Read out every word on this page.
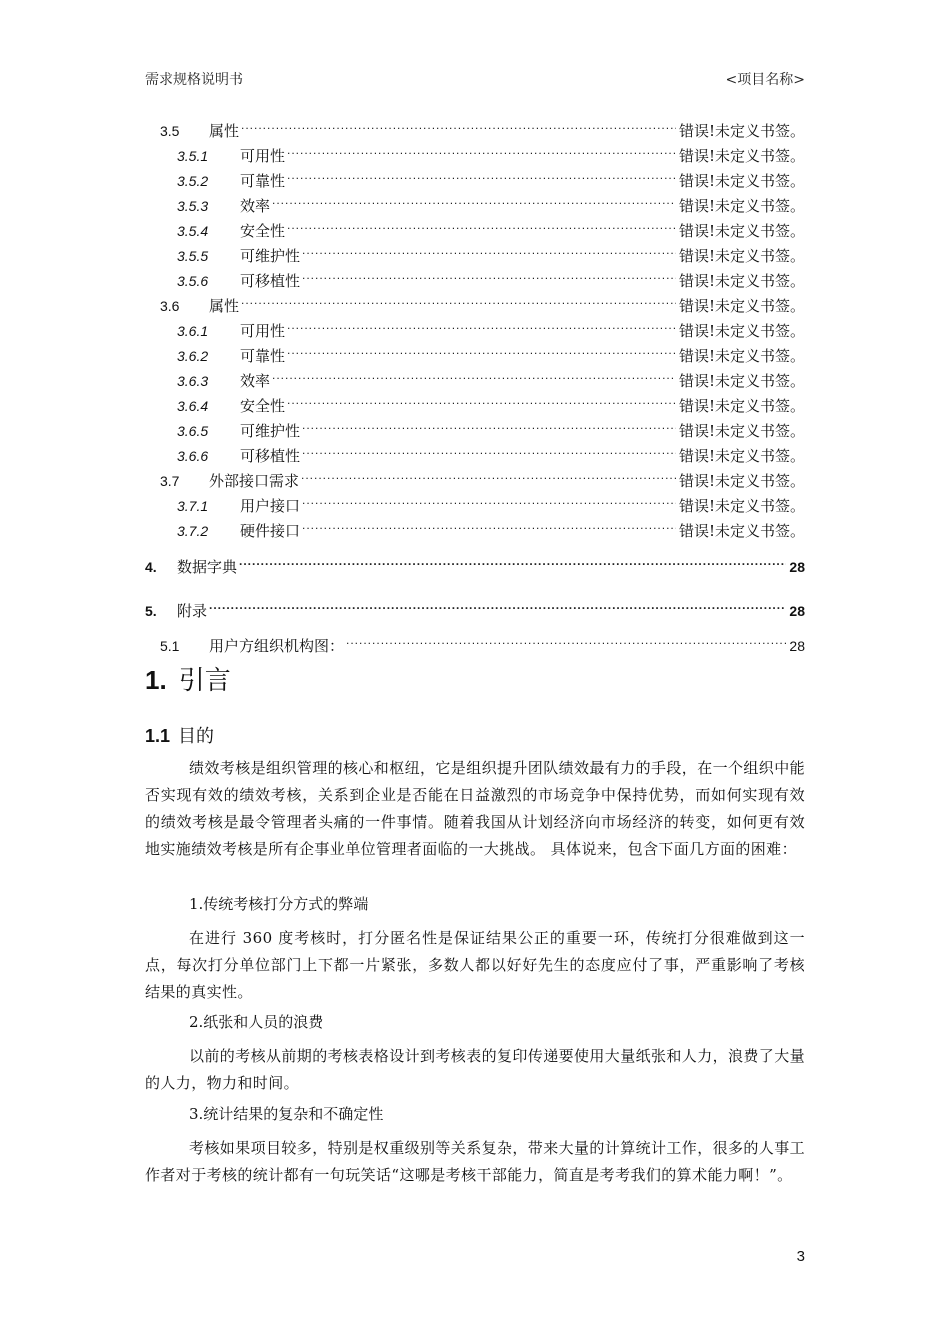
需求规格说明书	<项目名称>
3.5	属性 .....	错误!未定义书签。
3.5.1	可用性 .....	错误!未定义书签。
3.5.2	可靠性 .....	错误!未定义书签。
3.5.3	效率 .....	错误!未定义书签。
3.5.4	安全性 .....	错误!未定义书签。
3.5.5	可维护性 .....	错误!未定义书签。
3.5.6	可移植性 .....	错误!未定义书签。
3.6	属性 .....	错误!未定义书签。
3.6.1	可用性 .....	错误!未定义书签。
3.6.2	可靠性 .....	错误!未定义书签。
3.6.3	效率 .....	错误!未定义书签。
3.6.4	安全性 .....	错误!未定义书签。
3.6.5	可维护性 .....	错误!未定义书签。
3.6.6	可移植性 .....	错误!未定义书签。
3.7	外部接口需求 .....	错误!未定义书签。
3.7.1	用户接口 .....	错误!未定义书签。
3.7.2	硬件接口 .....	错误!未定义书签。
4.	数据字典 .....	28
5.	附录 .....	28
5.1	用户方组织机构图： .....	28
1. 引言
1.1 目的
绩效考核是组织管理的核心和枢纽，它是组织提升团队绩效最有力的手段，在一个组织中能否实现有效的绩效考核，关系到企业是否能在日益激烈的市场竞争中保持优势，而如何实现有效的绩效考核是最令管理者头痛的一件事情。随着我国从计划经济向市场经济的转变，如何更有效地实施绩效考核是所有企事业单位管理者面临的一大挑战。 具体说来，包含下面几方面的困难：
1.传统考核打分方式的弊端
在进行 360 度考核时，打分匿名性是保证结果公正的重要一环，传统打分很难做到这一点，每次打分单位部门上下都一片紧张，多数人都以好好先生的态度应付了事，严重影响了考核结果的真实性。
2.纸张和人员的浪费
以前的考核从前期的考核表格设计到考核表的复印传递要使用大量纸张和人力，浪费了大量的人力，物力和时间。
3.统计结果的复杂和不确定性
考核如果项目较多，特别是权重级别等关系复杂，带来大量的计算统计工作，很多的人事工作者对于考核的统计都有一句玩笑话“这哪是考核干部能力，简直是考考我们的算术能力啊！”。
3
